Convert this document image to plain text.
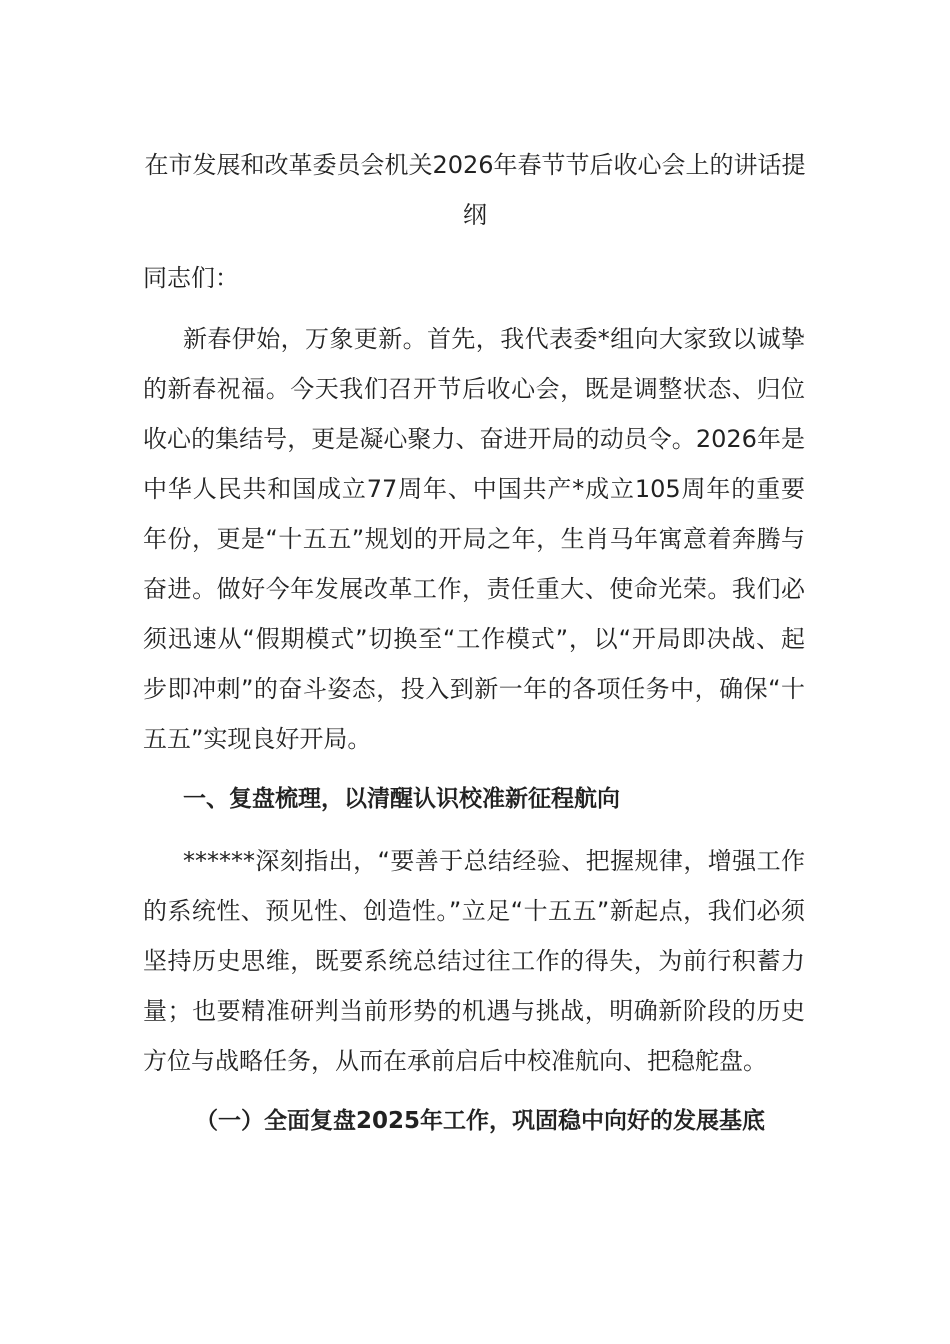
在市发展和改革委员会机关2026年春节节后收心会上的讲话提纲

同志们：

新春伊始，万象更新。首先，我代表委*组向大家致以诚挚的新春祝福。今天我们召开节后收心会，既是调整状态、归位收心的集结号，更是凝心聚力、奋进开局的动员令。2026年是中华人民共和国成立77周年、中国共产*成立105周年的重要年份，更是“十五五”规划的开局之年，生肖马年寓意着奔腾与奋进。做好今年发展改革工作，责任重大、使命光荣。我们必须迅速从“假期模式”切换至“工作模式”，以“开局即决战、起步即冲刺”的奋斗姿态，投入到新一年的各项任务中，确保“十五五”实现良好开局。

一、复盘梳理，以清醒认识校准新征程航向

******深刻指出，“要善于总结经验、把握规律，增强工作的系统性、预见性、创造性。”立足“十五五”新起点，我们必须坚持历史思维，既要系统总结过往工作的得失，为前行积蓄力量；也要精准研判当前形势的机遇与挑战，明确新阶段的历史方位与战略任务，从而在承前启后中校准航向、把稳舵盘。

（一）全面复盘2025年工作，巩固稳中向好的发展基底
